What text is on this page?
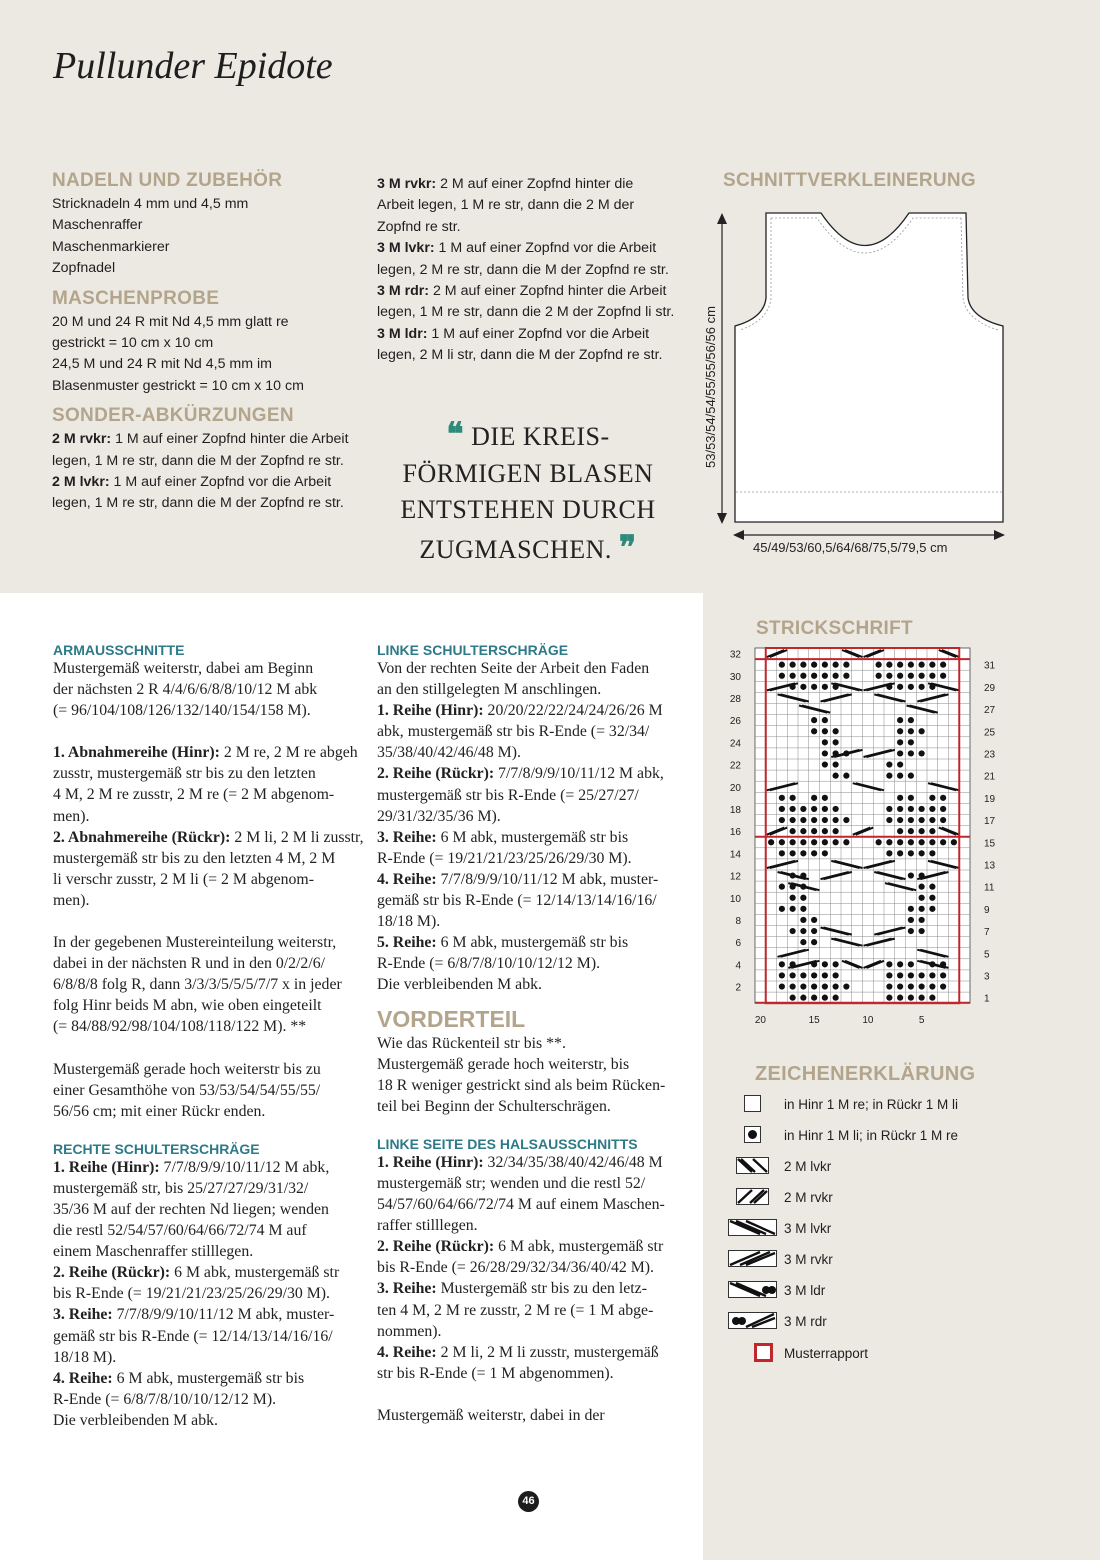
Pullunder Epidote
NADELN UND ZUBEHÖR

Stricknadeln 4 mm und 4,5 mm

Maschenraffer

Maschenmarkierer

Zopfnadel

MASCHENPROBE

20 M und 24 R mit Nd 4,5 mm glatt re

gestrickt = 10 cm x 10 cm

24,5 M und 24 R mit Nd 4,5 mm im

Blasenmuster gestrickt = 10 cm x 10 cm

SONDER-ABKÜRZUNGEN

2 M rvkr: 1 M auf einer Zopfnd hinter die Arbeit

legen, 1 M re str, dann die M der Zopfnd re str.

2 M lvkr: 1 M auf einer Zopfnd vor die Arbeit

legen, 1 M re str, dann die M der Zopfnd re str.

3 M rvkr: 2 M auf einer Zopfnd hinter die

Arbeit legen, 1 M re str, dann die 2 M der

Zopfnd re str.

3 M lvkr: 1 M auf einer Zopfnd vor die Arbeit

legen, 2 M re str, dann die M der Zopfnd re str.

3 M rdr: 2 M auf einer Zopfnd hinter die Arbeit

legen, 1 M re str, dann die 2 M der Zopfnd li str.

3 M ldr: 1 M auf einer Zopfnd vor die Arbeit

legen, 2 M li str, dann die M der Zopfnd re str.

❝ DIE KREIS-
FÖRMIGEN BLASEN
ENTSTEHEN DURCH
ZUGMASCHEN. ❞
SCHNITTVERKLEINERUNG
53/53/54/54/55/55/56/56 cm
45/49/53/60,5/64/68/75,5/79,5 cm
ARMAUSSCHNITTE

Mustergemäß weiterstr, dabei am Beginn

der nächsten 2 R 4/4/6/6/8/8/10/12 M abk

(= 96/104/108/126/132/140/154/158 M).

1. Abnahmereihe (Hinr): 2 M re, 2 M re abgeh

zusstr, mustergemäß str bis zu den letzten

4 M, 2 M re zusstr, 2 M re (= 2 M abgenom-

men).

2. Abnahmereihe (Rückr): 2 M li, 2 M li zusstr,

mustergemäß str bis zu den letzten 4 M, 2 M

li verschr zusstr, 2 M li (= 2 M abgenom-

men).

In der gegebenen Mustereinteilung weiterstr,

dabei in der nächsten R und in den 0/2/2/6/

6/8/8/8 folg R, dann 3/3/3/5/5/5/7/7 x in jeder

folg Hinr beids M abn, wie oben eingeteilt

(= 84/88/92/98/104/108/118/122 M). **

Mustergemäß gerade hoch weiterstr bis zu

einer Gesamthöhe von 53/53/54/54/55/55/

56/56 cm; mit einer Rückr enden.

RECHTE SCHULTERSCHRÄGE

1. Reihe (Hinr): 7/7/8/9/9/10/11/12 M abk,

mustergemäß str, bis 25/27/27/29/31/32/

35/36 M auf der rechten Nd liegen; wenden

die restl 52/54/57/60/64/66/72/74 M auf

einem Maschenraffer stilllegen.

2. Reihe (Rückr): 6 M abk, mustergemäß str

bis R-Ende (= 19/21/21/23/25/26/29/30 M).

3. Reihe: 7/7/8/9/9/10/11/12 M abk, muster-

gemäß str bis R-Ende (= 12/14/13/14/16/16/

18/18 M).

4. Reihe: 6 M abk, mustergemäß str bis

R-Ende (= 6/8/7/8/10/10/12/12 M).

Die verbleibenden M abk.

LINKE SCHULTERSCHRÄGE

Von der rechten Seite der Arbeit den Faden

an den stillgelegten M anschlingen.

1. Reihe (Hinr): 20/20/22/22/24/24/26/26 M

abk, mustergemäß str bis R-Ende (= 32/34/

35/38/40/42/46/48 M).

2. Reihe (Rückr): 7/7/8/9/9/10/11/12 M abk,

mustergemäß str bis R-Ende (= 25/27/27/

29/31/32/35/36 M).

3. Reihe: 6 M abk, mustergemäß str bis

R-Ende (= 19/21/21/23/25/26/29/30 M).

4. Reihe: 7/7/8/9/9/10/11/12 M abk, muster-

gemäß str bis R-Ende (= 12/14/13/14/16/16/

18/18 M).

5. Reihe: 6 M abk, mustergemäß str bis

R-Ende (= 6/8/7/8/10/10/12/12 M).

Die verbleibenden M abk.

VORDERTEIL

Wie das Rückenteil str bis **.

Mustergemäß gerade hoch weiterstr, bis

18 R weniger gestrickt sind als beim Rücken-

teil bei Beginn der Schulterschrägen.

LINKE SEITE DES HALSAUSSCHNITTS

1. Reihe (Hinr): 32/34/35/38/40/42/46/48 M

mustergemäß str; wenden und die restl 52/

54/57/60/64/66/72/74 M auf einem Maschen-

raffer stilllegen.

2. Reihe (Rückr): 6 M abk, mustergemäß str

bis R-Ende (= 26/28/29/32/34/36/40/42 M).

3. Reihe: Mustergemäß str bis zu den letz-

ten 4 M, 2 M re zusstr, 2 M re (= 1 M abge-

nommen).

4. Reihe: 2 M li, 2 M li zusstr, mustergemäß

str bis R-Ende (= 1 M abgenommen).

Mustergemäß weiterstr, dabei in der

STRICKSCHRIFT
32
30
28
26
24
22
20
18
16
14
12
10
8
6
4
2
31
29
27
25
23
21
19
17
15
13
11
9
7
5
3
1
20	15	10	5
ZEICHENERKLÄRUNG
in Hinr 1 M re; in Rückr 1 M li
in Hinr 1 M li; in Rückr 1 M re
2 M lvkr
2 M rvkr
3 M lvkr
3 M rvkr
3 M ldr
3 M rdr
Musterrapport
46
